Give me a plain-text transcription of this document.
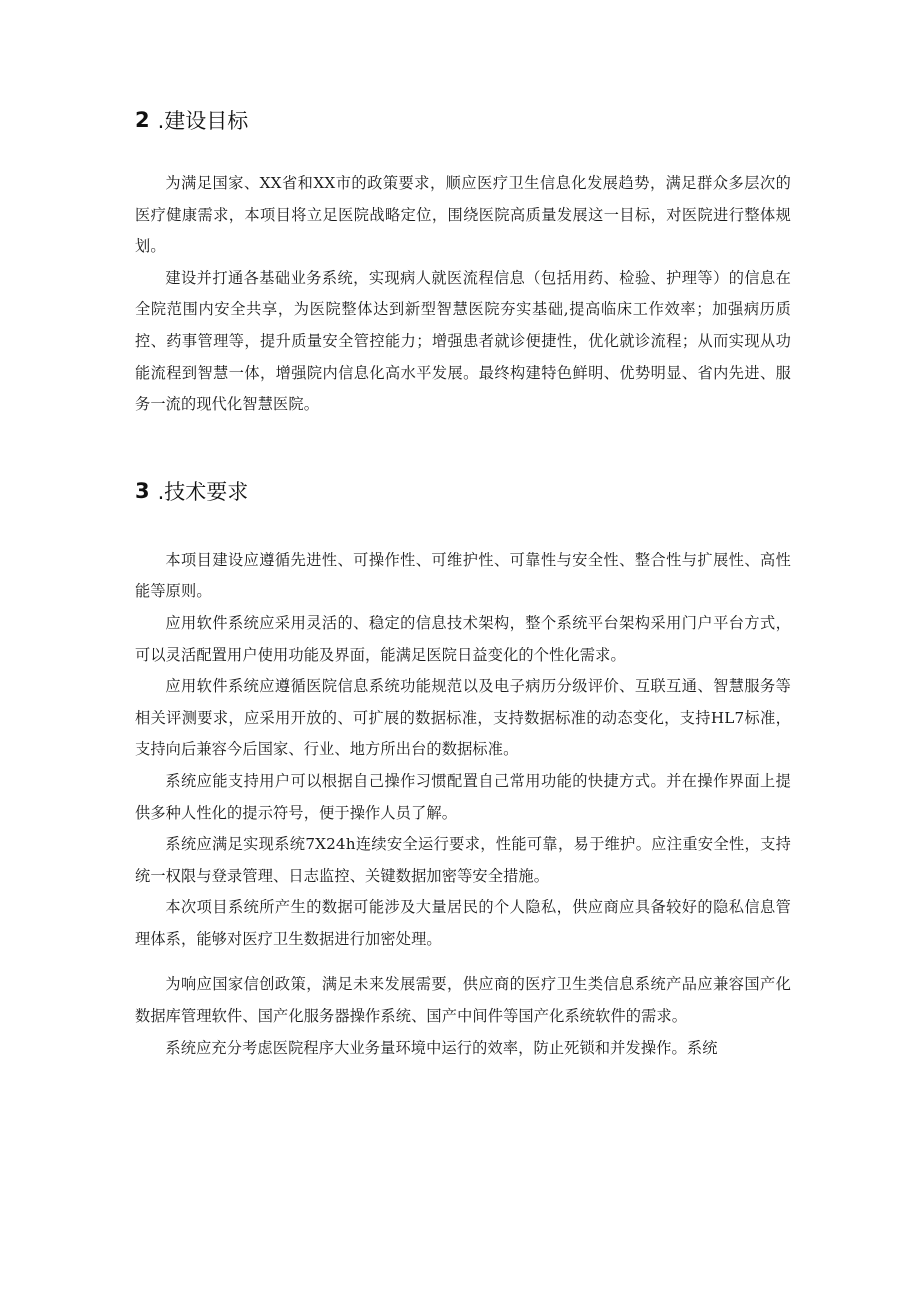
2 .建设目标

为满足国家、XX省和XX市的政策要求，顺应医疗卫生信息化发展趋势，满足群众多层次的医疗健康需求，本项目将立足医院战略定位，围绕医院高质量发展这一目标，对医院进行整体规划。

建设并打通各基础业务系统，实现病人就医流程信息（包括用药、检验、护理等）的信息在全院范围内安全共享，为医院整体达到新型智慧医院夯实基础,提高临床工作效率；加强病历质控、药事管理等，提升质量安全管控能力；增强患者就诊便捷性，优化就诊流程；从而实现从功能流程到智慧一体，增强院内信息化高水平发展。最终构建特色鲜明、优势明显、省内先进、服务一流的现代化智慧医院。

3 .技术要求

本项目建设应遵循先进性、可操作性、可维护性、可靠性与安全性、整合性与扩展性、高性能等原则。

应用软件系统应采用灵活的、稳定的信息技术架构，整个系统平台架构采用门户平台方式，可以灵活配置用户使用功能及界面，能满足医院日益变化的个性化需求。

应用软件系统应遵循医院信息系统功能规范以及电子病历分级评价、互联互通、智慧服务等相关评测要求，应采用开放的、可扩展的数据标准，支持数据标准的动态变化，支持HL7标准，支持向后兼容今后国家、行业、地方所出台的数据标准。

系统应能支持用户可以根据自己操作习惯配置自己常用功能的快捷方式。并在操作界面上提供多种人性化的提示符号，便于操作人员了解。

系统应满足实现系统7X24h连续安全运行要求，性能可靠，易于维护。应注重安全性，支持统一权限与登录管理、日志监控、关键数据加密等安全措施。

本次项目系统所产生的数据可能涉及大量居民的个人隐私，供应商应具备较好的隐私信息管理体系，能够对医疗卫生数据进行加密处理。

为响应国家信创政策，满足未来发展需要，供应商的医疗卫生类信息系统产品应兼容国产化数据库管理软件、国产化服务器操作系统、国产中间件等国产化系统软件的需求。

系统应充分考虑医院程序大业务量环境中运行的效率，防止死锁和并发操作。系统
